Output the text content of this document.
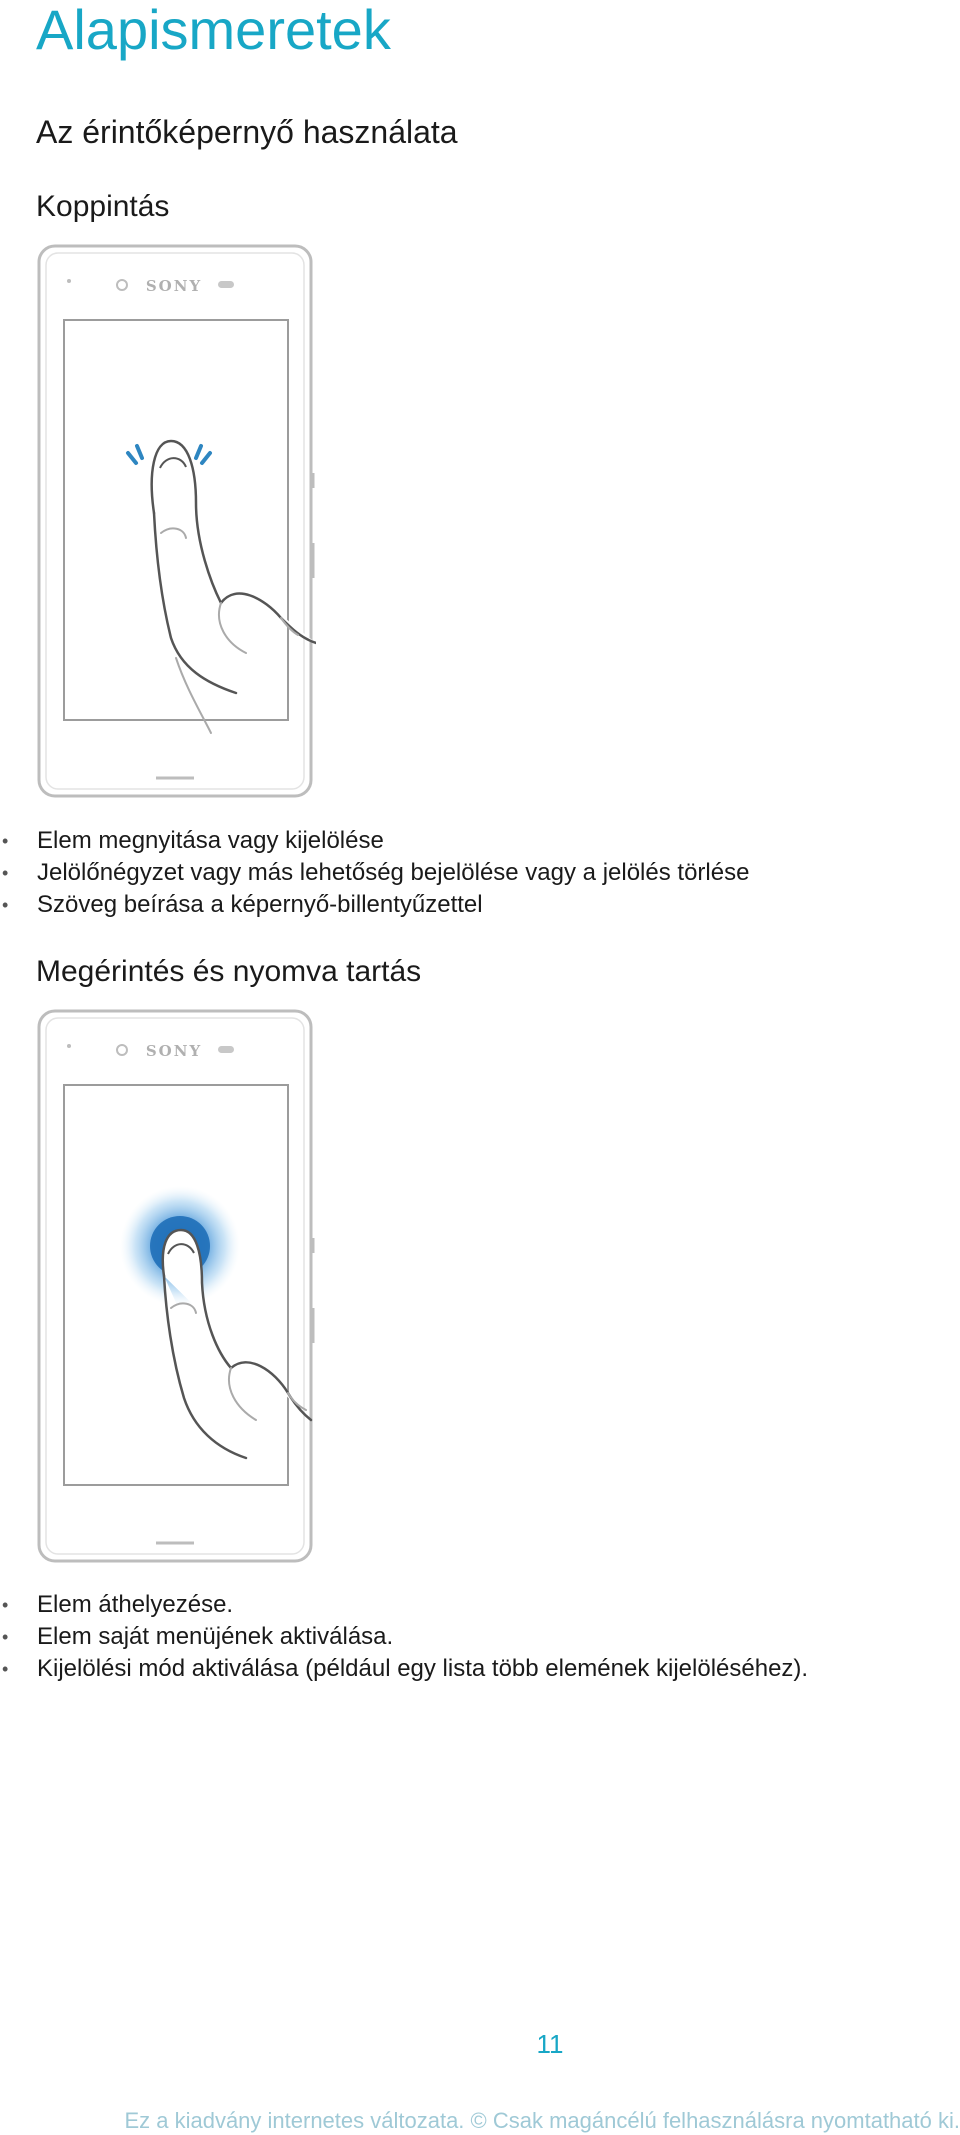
Alapismeretek
Az érintőképernyő használata
Koppintás
SONY
• Elem megnyitása vagy kijelölése
• Jelölőnégyzet vagy más lehetőség bejelölése vagy a jelölés törlése
• Szöveg beírása a képernyő-billentyűzettel
Megérintés és nyomva tartás
SONY
• Elem áthelyezése.
• Elem saját menüjének aktiválása.
• Kijelölési mód aktiválása (például egy lista több elemének kijelöléséhez).
11
Ez a kiadvány internetes változata. © Csak magáncélú felhasználásra nyomtatható ki.
